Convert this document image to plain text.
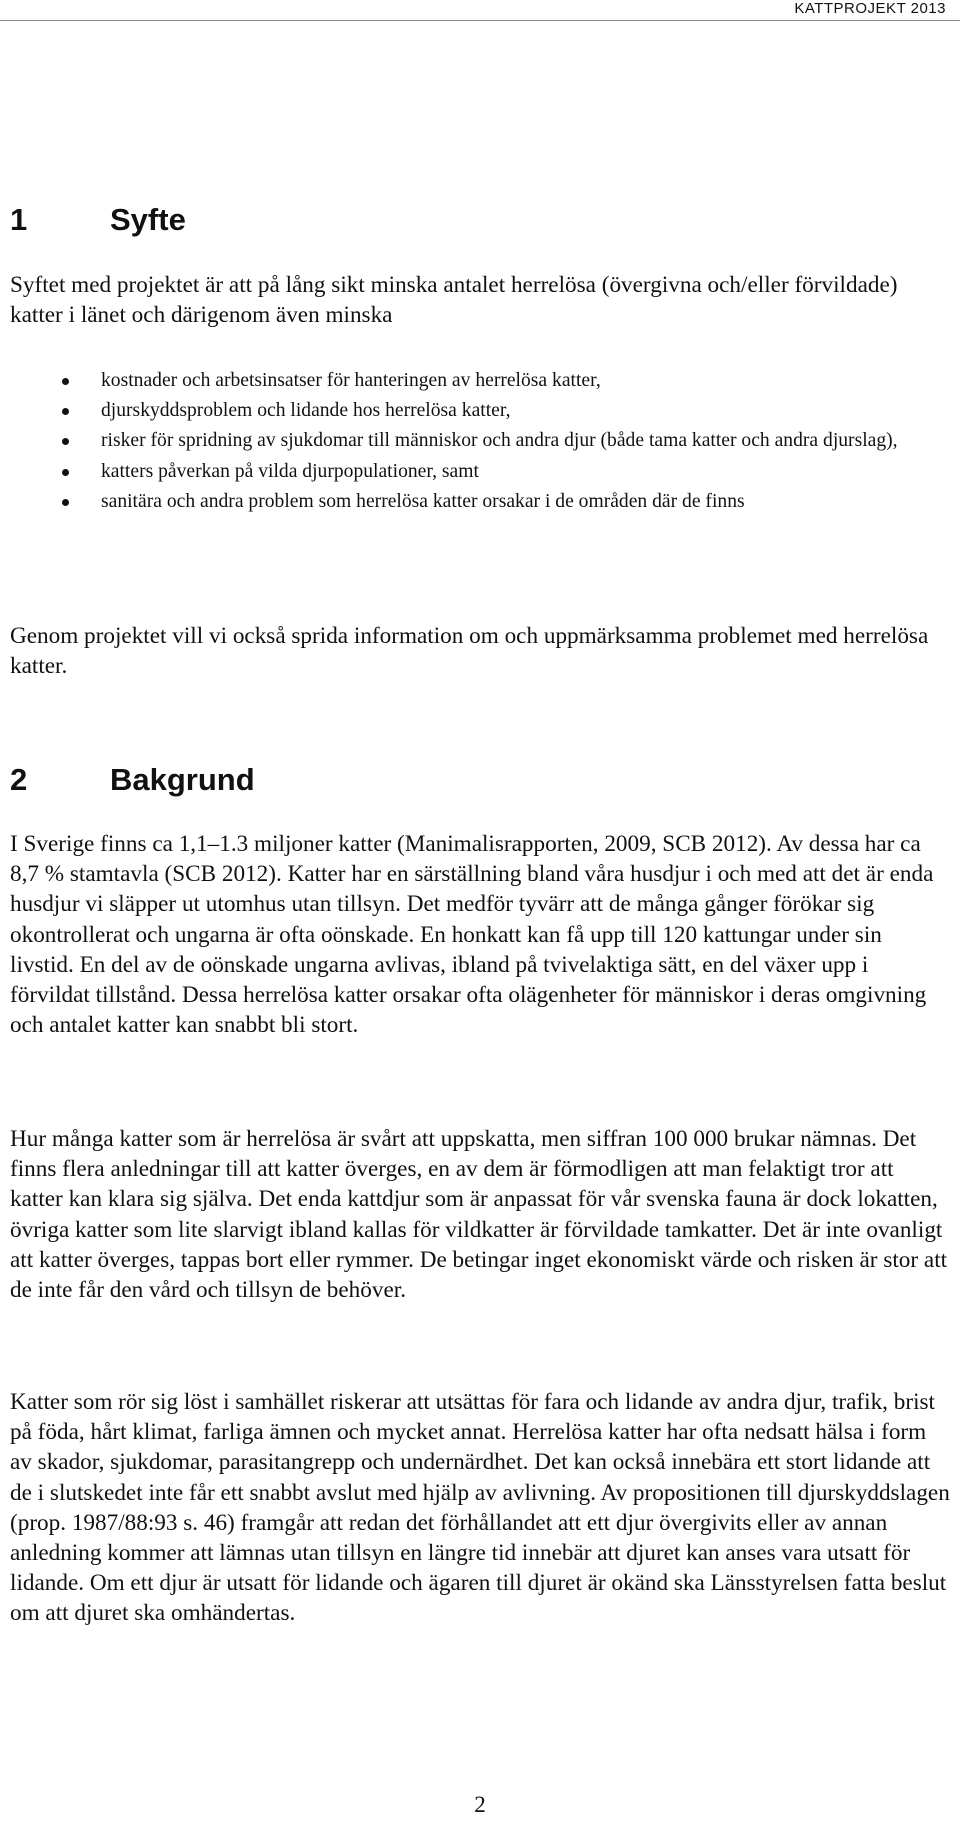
KATTPROJEKT 2013
1	Syfte

Syftet med projektet är att på lång sikt minska antalet herrelösa (övergivna och/eller förvildade) katter i länet och därigenom även minska

kostnader och arbetsinsatser för hanteringen av herrelösa katter,
djurskyddsproblem och lidande hos herrelösa katter,
risker för spridning av sjukdomar till människor och andra djur (både tama katter och andra djurslag),
katters påverkan på vilda djurpopulationer, samt
sanitära och andra problem som herrelösa katter orsakar i de områden där de finns

Genom projektet vill vi också sprida information om och uppmärksamma problemet med herrelösa katter.

2	Bakgrund

I Sverige finns ca 1,1–1.3 miljoner katter (Manimalisrapporten, 2009, SCB 2012). Av dessa har ca 8,7 % stamtavla (SCB 2012). Katter har en särställning bland våra husdjur i och med att det är enda husdjur vi släpper ut utomhus utan tillsyn. Det medför tyvärr att de många gånger förökar sig okontrollerat och ungarna är ofta oönskade. En honkatt kan få upp till 120 kattungar under sin livstid. En del av de oönskade ungarna avlivas, ibland på tvivelaktiga sätt, en del växer upp i förvildat tillstånd. Dessa herrelösa katter orsakar ofta olägenheter för människor i deras omgivning och antalet katter kan snabbt bli stort.

Hur många katter som är herrelösa är svårt att uppskatta, men siffran 100 000 brukar nämnas. Det finns flera anledningar till att katter överges, en av dem är förmodligen att man felaktigt tror att katter kan klara sig själva. Det enda kattdjur som är anpassat för vår svenska fauna är dock lokatten, övriga katter som lite slarvigt ibland kallas för vildkatter är förvildade tamkatter. Det är inte ovanligt att katter överges, tappas bort eller rymmer. De betingar inget ekonomiskt värde och risken är stor att de inte får den vård och tillsyn de behöver.

Katter som rör sig löst i samhället riskerar att utsättas för fara och lidande av andra djur, trafik, brist på föda, hårt klimat, farliga ämnen och mycket annat. Herrelösa katter har ofta nedsatt hälsa i form av skador, sjukdomar, parasitangrepp och undernärdhet. Det kan också innebära ett stort lidande att de i slutskedet inte får ett snabbt avslut med hjälp av avlivning. Av propositionen till djurskyddslagen (prop. 1987/88:93 s. 46) framgår att redan det förhållandet att ett djur övergivits eller av annan anledning kommer att lämnas utan tillsyn en längre tid innebär att djuret kan anses vara utsatt för lidande. Om ett djur är utsatt för lidande och ägaren till djuret är okänd ska Länsstyrelsen fatta beslut om att djuret ska omhändertas.

2
